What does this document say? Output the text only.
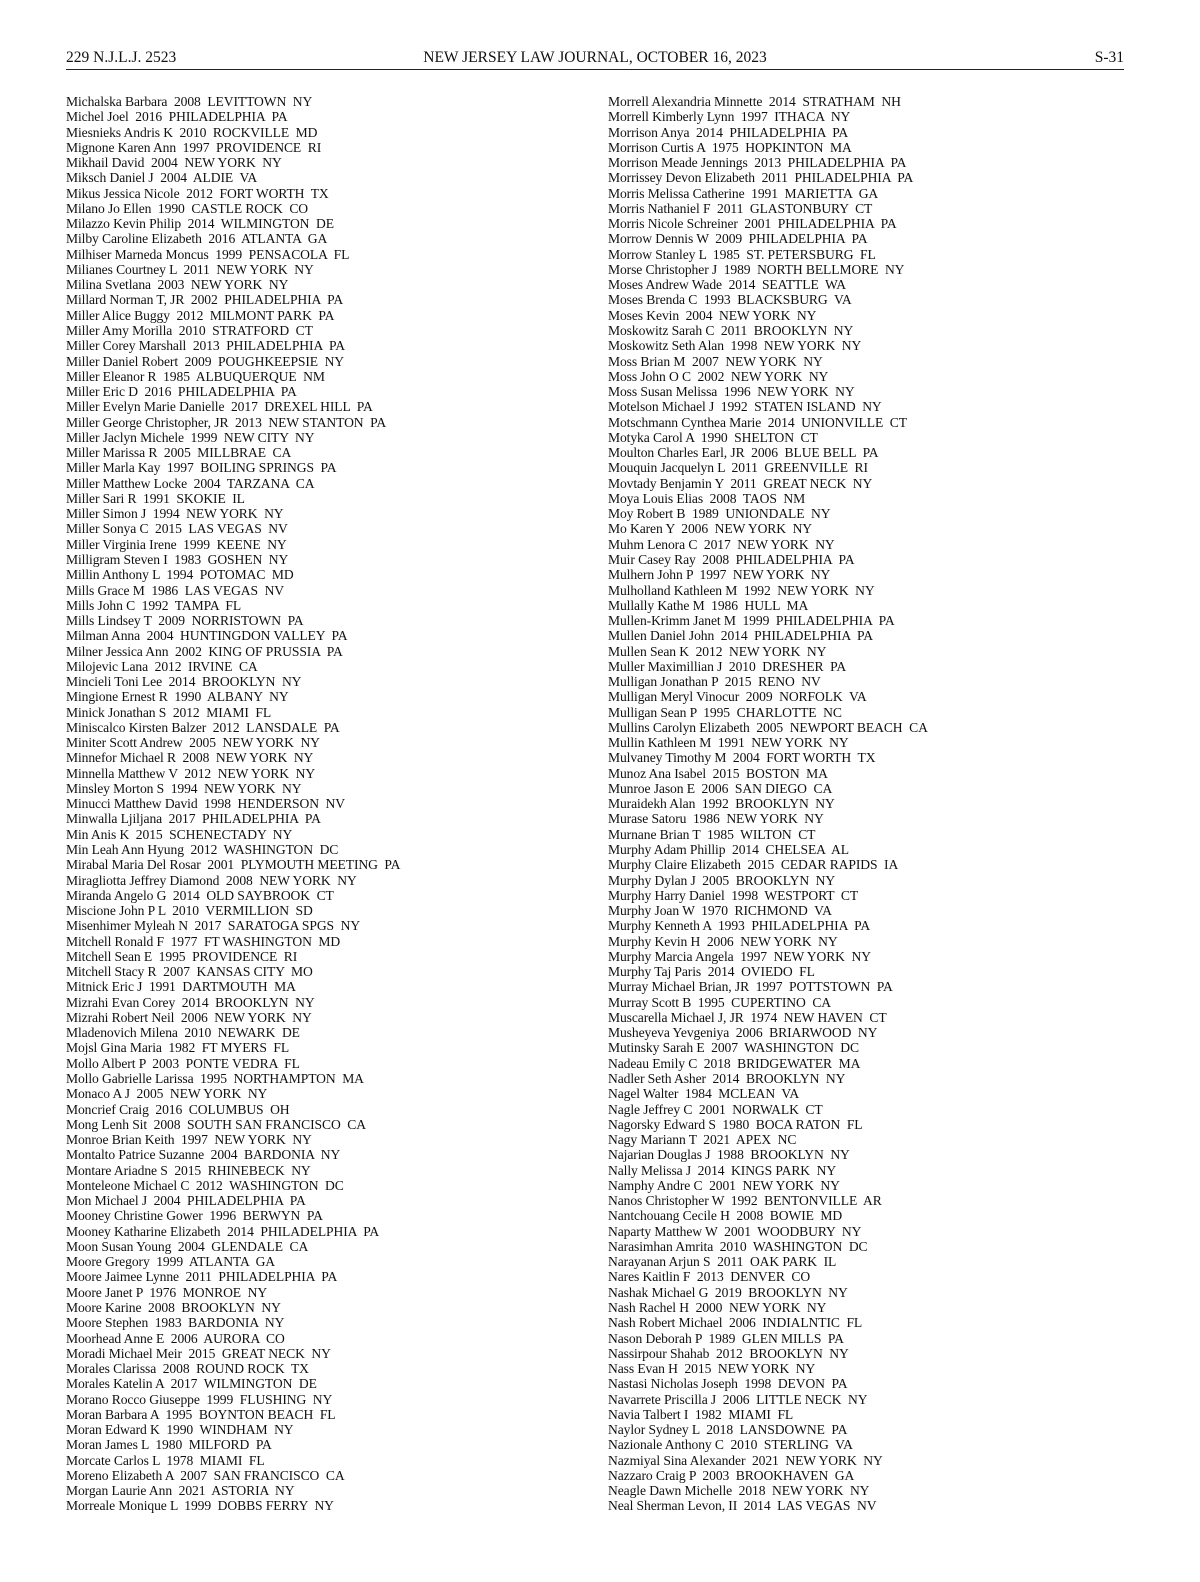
229 N.J.L.J. 2523	NEW JERSEY LAW JOURNAL, OCTOBER 16, 2023	S-31
Michalska Barbara  2008  LEVITTOWN  NY
Michel Joel  2016  PHILADELPHIA  PA
Miesnieks Andris K  2010  ROCKVILLE  MD
Mignone Karen Ann  1997  PROVIDENCE  RI
Mikhail David  2004  NEW YORK  NY
Miksch Daniel J  2004  ALDIE  VA
Mikus Jessica Nicole  2012  FORT WORTH  TX
Milano Jo Ellen  1990  CASTLE ROCK  CO
Milazzo Kevin Philip  2014  WILMINGTON  DE
Milby Caroline Elizabeth  2016  ATLANTA  GA
Milhiser Marneda Moncus  1999  PENSACOLA  FL
Milianes Courtney L  2011  NEW YORK  NY
Milina Svetlana  2003  NEW YORK  NY
Millard Norman T, JR  2002  PHILADELPHIA  PA
Miller Alice Buggy  2012  MILMONT PARK  PA
Miller Amy Morilla  2010  STRATFORD  CT
Miller Corey Marshall  2013  PHILADELPHIA  PA
Miller Daniel Robert  2009  POUGHKEEPSIE  NY
Miller Eleanor R  1985  ALBUQUERQUE  NM
Miller Eric D  2016  PHILADELPHIA  PA
Miller Evelyn Marie Danielle  2017  DREXEL HILL  PA
Miller George Christopher, JR  2013  NEW STANTON  PA
Miller Jaclyn Michele  1999  NEW CITY  NY
Miller Marissa R  2005  MILLBRAE  CA
Miller Marla Kay  1997  BOILING SPRINGS  PA
Miller Matthew Locke  2004  TARZANA  CA
Miller Sari R  1991  SKOKIE  IL
Miller Simon J  1994  NEW YORK  NY
Miller Sonya C  2015  LAS VEGAS  NV
Miller Virginia Irene  1999  KEENE  NY
Milligram Steven I  1983  GOSHEN  NY
Millin Anthony L  1994  POTOMAC  MD
Mills Grace M  1986  LAS VEGAS  NV
Mills John C  1992  TAMPA  FL
Mills Lindsey T  2009  NORRISTOWN  PA
Milman Anna  2004  HUNTINGDON VALLEY  PA
Milner Jessica Ann  2002  KING OF PRUSSIA  PA
Milojevic Lana  2012  IRVINE  CA
Mincieli Toni Lee  2014  BROOKLYN  NY
Mingione Ernest R  1990  ALBANY  NY
Minick Jonathan S  2012  MIAMI  FL
Miniscalco Kirsten Balzer  2012  LANSDALE  PA
Miniter Scott Andrew  2005  NEW YORK  NY
Minnefor Michael R  2008  NEW YORK  NY
Minnella Matthew V  2012  NEW YORK  NY
Minsley Morton S  1994  NEW YORK  NY
Minucci Matthew David  1998  HENDERSON  NV
Minwalla Ljiljana  2017  PHILADELPHIA  PA
Min Anis K  2015  SCHENECTADY  NY
Min Leah Ann Hyung  2012  WASHINGTON  DC
Mirabal Maria Del Rosar  2001  PLYMOUTH MEETING  PA
Miragliotta Jeffrey Diamond  2008  NEW YORK  NY
Miranda Angelo G  2014  OLD SAYBROOK  CT
Miscione John P L  2010  VERMILLION  SD
Misenhimer Myleah N  2017  SARATOGA SPGS  NY
Mitchell Ronald F  1977  FT WASHINGTON  MD
Mitchell Sean E  1995  PROVIDENCE  RI
Mitchell Stacy R  2007  KANSAS CITY  MO
Mitnick Eric J  1991  DARTMOUTH  MA
Mizrahi Evan Corey  2014  BROOKLYN  NY
Mizrahi Robert Neil  2006  NEW YORK  NY
Mladenovich Milena  2010  NEWARK  DE
Mojsl Gina Maria  1982  FT MYERS  FL
Mollo Albert P  2003  PONTE VEDRA  FL
Mollo Gabrielle Larissa  1995  NORTHAMPTON  MA
Monaco A J  2005  NEW YORK  NY
Moncrief Craig  2016  COLUMBUS  OH
Mong Lenh Sit  2008  SOUTH SAN FRANCISCO  CA
Monroe Brian Keith  1997  NEW YORK  NY
Montalto Patrice Suzanne  2004  BARDONIA  NY
Montare Ariadne S  2015  RHINEBECK  NY
Monteleone Michael C  2012  WASHINGTON  DC
Mon Michael J  2004  PHILADELPHIA  PA
Mooney Christine Gower  1996  BERWYN  PA
Mooney Katharine Elizabeth  2014  PHILADELPHIA  PA
Moon Susan Young  2004  GLENDALE  CA
Moore Gregory  1999  ATLANTA  GA
Moore Jaimee Lynne  2011  PHILADELPHIA  PA
Moore Janet P  1976  MONROE  NY
Moore Karine  2008  BROOKLYN  NY
Moore Stephen  1983  BARDONIA  NY
Moorhead Anne E  2006  AURORA  CO
Moradi Michael Meir  2015  GREAT NECK  NY
Morales Clarissa  2008  ROUND ROCK  TX
Morales Katelin A  2017  WILMINGTON  DE
Morano Rocco Giuseppe  1999  FLUSHING  NY
Moran Barbara A  1995  BOYNTON BEACH  FL
Moran Edward K  1990  WINDHAM  NY
Moran James L  1980  MILFORD  PA
Morcate Carlos L  1978  MIAMI  FL
Moreno Elizabeth A  2007  SAN FRANCISCO  CA
Morgan Laurie Ann  2021  ASTORIA  NY
Morreale Monique L  1999  DOBBS FERRY  NY
Morrell Alexandria Minnette  2014  STRATHAM  NH
Morrell Kimberly Lynn  1997  ITHACA  NY
Morrison Anya  2014  PHILADELPHIA  PA
Morrison Curtis A  1975  HOPKINTON  MA
Morrison Meade Jennings  2013  PHILADELPHIA  PA
Morrissey Devon Elizabeth  2011  PHILADELPHIA  PA
Morris Melissa Catherine  1991  MARIETTA  GA
Morris Nathaniel F  2011  GLASTONBURY  CT
Morris Nicole Schreiner  2001  PHILADELPHIA  PA
Morrow Dennis W  2009  PHILADELPHIA  PA
Morrow Stanley L  1985  ST. PETERSBURG  FL
Morse Christopher J  1989  NORTH BELLMORE  NY
Moses Andrew Wade  2014  SEATTLE  WA
Moses Brenda C  1993  BLACKSBURG  VA
Moses Kevin  2004  NEW YORK  NY
Moskowitz Sarah C  2011  BROOKLYN  NY
Moskowitz Seth Alan  1998  NEW YORK  NY
Moss Brian M  2007  NEW YORK  NY
Moss John O C  2002  NEW YORK  NY
Moss Susan Melissa  1996  NEW YORK  NY
Motelson Michael J  1992  STATEN ISLAND  NY
Motschmann Cynthea Marie  2014  UNIONVILLE  CT
Motyka Carol A  1990  SHELTON  CT
Moulton Charles Earl, JR  2006  BLUE BELL  PA
Mouquin Jacquelyn L  2011  GREENVILLE  RI
Movtady Benjamin Y  2011  GREAT NECK  NY
Moya Louis Elias  2008  TAOS  NM
Moy Robert B  1989  UNIONDALE  NY
Mo Karen Y  2006  NEW YORK  NY
Muhm Lenora C  2017  NEW YORK  NY
Muir Casey Ray  2008  PHILADELPHIA  PA
Mulhern John P  1997  NEW YORK  NY
Mulholland Kathleen M  1992  NEW YORK  NY
Mullally Kathe M  1986  HULL  MA
Mullen-Krimm Janet M  1999  PHILADELPHIA  PA
Mullen Daniel John  2014  PHILADELPHIA  PA
Mullen Sean K  2012  NEW YORK  NY
Muller Maximillian J  2010  DRESHER  PA
Mulligan Jonathan P  2015  RENO  NV
Mulligan Meryl Vinocur  2009  NORFOLK  VA
Mulligan Sean P  1995  CHARLOTTE  NC
Mullins Carolyn Elizabeth  2005  NEWPORT BEACH  CA
Mullin Kathleen M  1991  NEW YORK  NY
Mulvaney Timothy M  2004  FORT WORTH  TX
Munoz Ana Isabel  2015  BOSTON  MA
Munroe Jason E  2006  SAN DIEGO  CA
Muraidekh Alan  1992  BROOKLYN  NY
Murase Satoru  1986  NEW YORK  NY
Murnane Brian T  1985  WILTON  CT
Murphy Adam Phillip  2014  CHELSEA  AL
Murphy Claire Elizabeth  2015  CEDAR RAPIDS  IA
Murphy Dylan J  2005  BROOKLYN  NY
Murphy Harry Daniel  1998  WESTPORT  CT
Murphy Joan W  1970  RICHMOND  VA
Murphy Kenneth A  1993  PHILADELPHIA  PA
Murphy Kevin H  2006  NEW YORK  NY
Murphy Marcia Angela  1997  NEW YORK  NY
Murphy Taj Paris  2014  OVIEDO  FL
Murray Michael Brian, JR  1997  POTTSTOWN  PA
Murray Scott B  1995  CUPERTINO  CA
Muscarella Michael J, JR  1974  NEW HAVEN  CT
Musheyeva Yevgeniya  2006  BRIARWOOD  NY
Mutinsky Sarah E  2007  WASHINGTON  DC
Nadeau Emily C  2018  BRIDGEWATER  MA
Nadler Seth Asher  2014  BROOKLYN  NY
Nagel Walter  1984  MCLEAN  VA
Nagle Jeffrey C  2001  NORWALK  CT
Nagorsky Edward S  1980  BOCA RATON  FL
Nagy Mariann T  2021  APEX  NC
Najarian Douglas J  1988  BROOKLYN  NY
Nally Melissa J  2014  KINGS PARK  NY
Namphy Andre C  2001  NEW YORK  NY
Nanos Christopher W  1992  BENTONVILLE  AR
Nantchouang Cecile H  2008  BOWIE  MD
Naparty Matthew W  2001  WOODBURY  NY
Narasimhan Amrita  2010  WASHINGTON  DC
Narayanan Arjun S  2011  OAK PARK  IL
Nares Kaitlin F  2013  DENVER  CO
Nashak Michael G  2019  BROOKLYN  NY
Nash Rachel H  2000  NEW YORK  NY
Nash Robert Michael  2006  INDIALNTIC  FL
Nason Deborah P  1989  GLEN MILLS  PA
Nassirpour Shahab  2012  BROOKLYN  NY
Nass Evan H  2015  NEW YORK  NY
Nastasi Nicholas Joseph  1998  DEVON  PA
Navarrete Priscilla J  2006  LITTLE NECK  NY
Navia Talbert I  1982  MIAMI  FL
Naylor Sydney L  2018  LANSDOWNE  PA
Nazionale Anthony C  2010  STERLING  VA
Nazmiyal Sina Alexander  2021  NEW YORK  NY
Nazzaro Craig P  2003  BROOKHAVEN  GA
Neagle Dawn Michelle  2018  NEW YORK  NY
Neal Sherman Levon, II  2014  LAS VEGAS  NV
